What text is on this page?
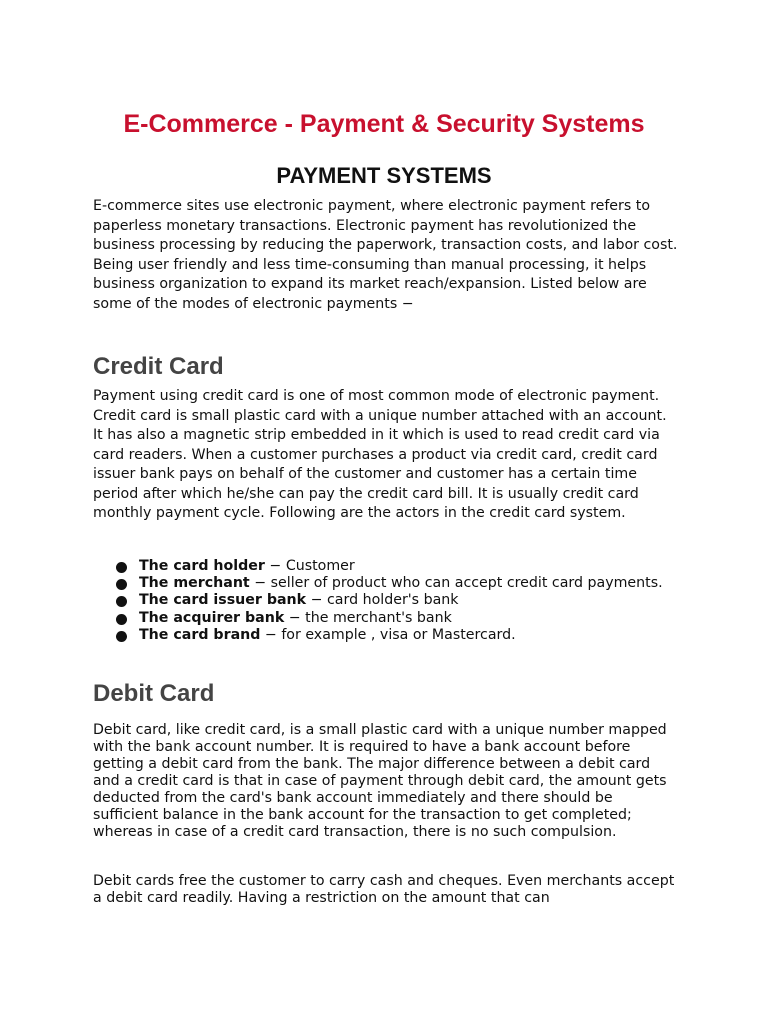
E-Commerce - Payment & Security Systems
PAYMENT SYSTEMS

E-commerce sites use electronic payment, where electronic payment refers to paperless monetary transactions. Electronic payment has revolutionized the business processing by reducing the paperwork, transaction costs, and labor cost. Being user friendly and less time-consuming than manual processing, it helps business organization to expand its market reach/expansion. Listed below are some of the modes of electronic payments −

Credit Card

Payment using credit card is one of most common mode of electronic payment. Credit card is small plastic card with a unique number attached with an account. It has also a magnetic strip embedded in it which is used to read credit card via card readers. When a customer purchases a product via credit card, credit card issuer bank pays on behalf of the customer and customer has a certain time period after which he/she can pay the credit card bill. It is usually credit card monthly payment cycle. Following are the actors in the credit card system.

The card holder − Customer
The merchant − seller of product who can accept credit card payments.
The card issuer bank − card holder's bank
The acquirer bank − the merchant's bank
The card brand − for example , visa or Mastercard.
Debit Card

Debit card, like credit card, is a small plastic card with a unique number mapped with the bank account number. It is required to have a bank account before getting a debit card from the bank. The major difference between a debit card and a credit card is that in case of payment through debit card, the amount gets deducted from the card's bank account immediately and there should be sufficient balance in the bank account for the transaction to get completed; whereas in case of a credit card transaction, there is no such compulsion.

Debit cards free the customer to carry cash and cheques. Even merchants accept a debit card readily. Having a restriction on the amount that can
